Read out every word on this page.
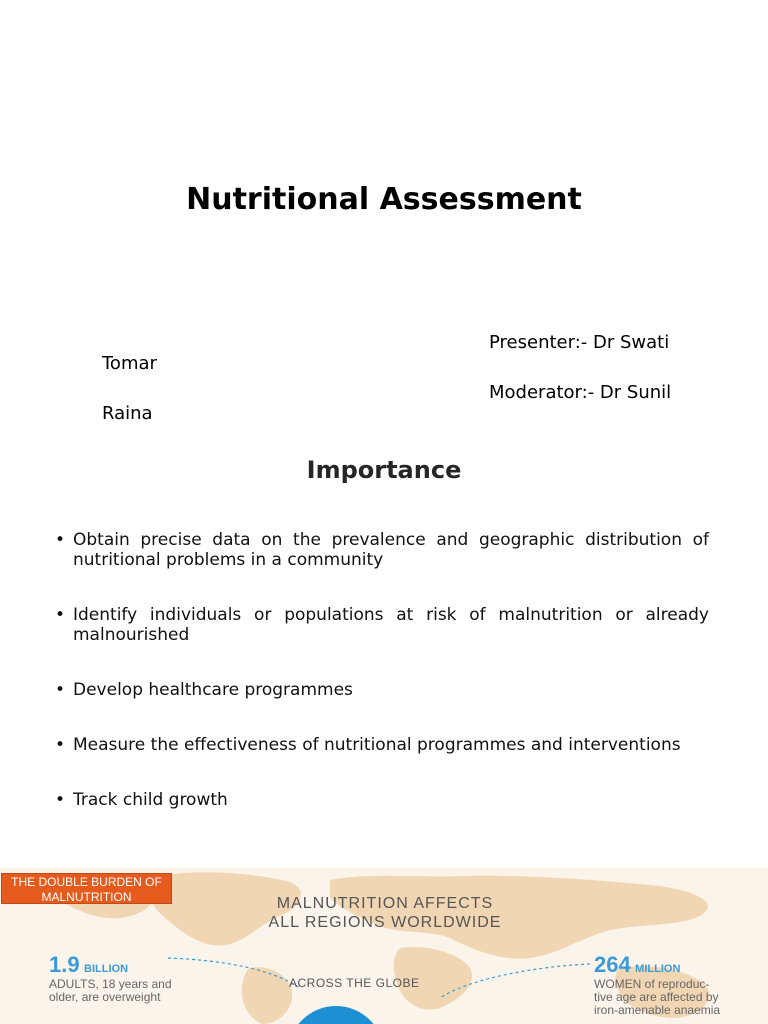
Nutritional Assessment
Presenter:- Dr Swati
Tomar
Moderator:- Dr Sunil
Raina
Importance
• Obtain precise data on the prevalence and geographic distribution of nutritional problems in a community
• Identify individuals or populations at risk of malnutrition or already malnourished
• Develop healthcare programmes
• Measure the effectiveness of nutritional programmes and interventions
• Track child growth
THE DOUBLE BURDEN OF MALNUTRITION	MALNUTRITION AFFECTS
ALL REGIONS WORLDWIDE
ACROSS THE GLOBE
1.9 BILLION
ADULTS, 18 years and
older, are overweight
264 MILLION
WOMEN of reproduc-
tive age are affected by
iron-amenable anaemia
